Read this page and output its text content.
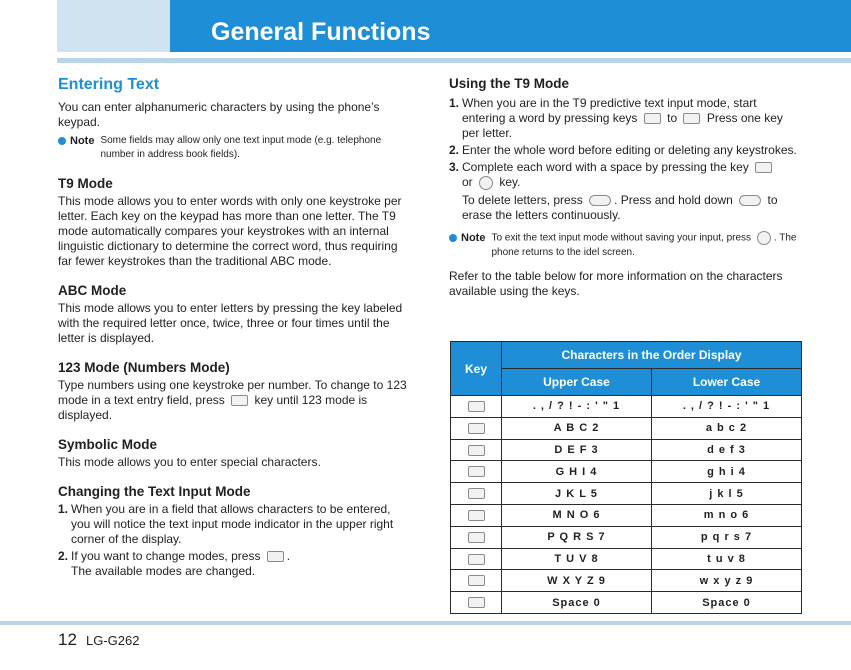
General Functions
Entering Text

You can enter alphanumeric characters by using the phone’s keypad.

Note Some fields may allow only one text input mode (e.g. telephone number in address book fields).
T9 Mode

This mode allows you to enter words with only one keystroke per letter. Each key on the keypad has more than one letter. The T9 mode automatically compares your keystrokes with an internal linguistic dictionary to determine the correct word, thus requiring far fewer keystrokes than the traditional ABC mode.

ABC Mode

This mode allows you to enter letters by pressing the key labeled with the required letter once, twice, three or four times until the letter is displayed.

123 Mode (Numbers Mode)

Type numbers using one keystroke per number. To change to 123 mode in a text entry field, press key until 123 mode is displayed.

Symbolic Mode

This mode allows you to enter special characters.

Changing the Text Input Mode
1. When you are in a field that allows characters to be entered, you will notice the text input mode indicator in the upper right corner of the display.
2. If you want to change modes, press .
The available modes are changed.
Using the T9 Mode
1. When you are in the T9 predictive text input mode, start entering a word by pressing keys to Press one key per letter.
2. Enter the whole word before editing or deleting any keystrokes.
3. Complete each word with a space by pressing the key
or key.

To delete letters, press	. Press and hold down	to erase the letters continuously.

Note To exit the text input mode without saving your input, press . The phone returns to the idel screen.

Refer to the table below for more information on the characters available using the keys.

Key	Characters in the Order Display	
	Upper Case	Lower Case
	. , / ? ! - : ' " 1	. , / ? ! - : ' " 1
	A B C 2	a b c 2
	D E F 3	d e f 3
	G H I 4	g h i 4
	J K L 5	j k l 5
	M N O 6	m n o 6
	P Q R S 7	p q r s 7
	T U V 8	t u v 8
	W X Y Z 9	w x y z 9
	Space 0	Space 0
12 LG-G262
